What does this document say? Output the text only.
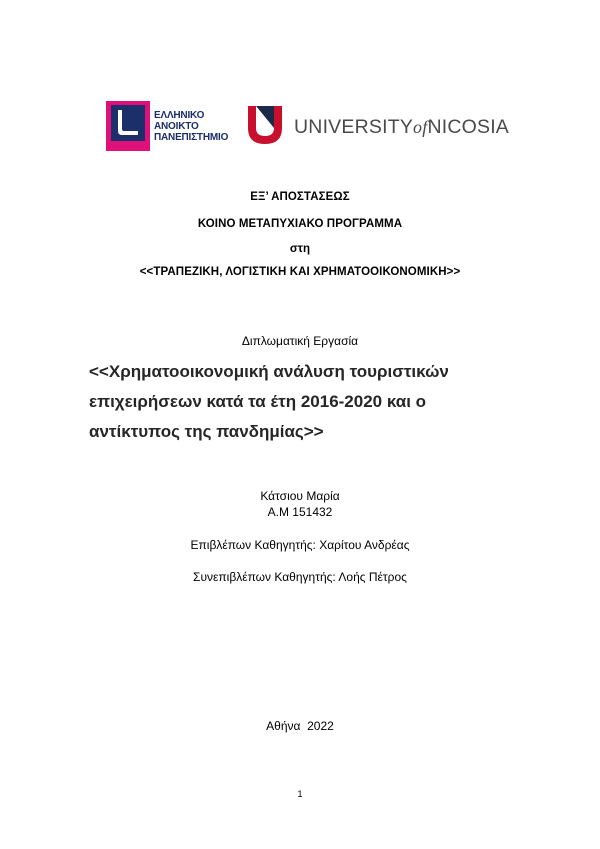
ΕΛΛΗΝΙΚΟ
ΑΝΟΙΚΤΟ
ΠΑΝΕΠΙΣΤΗΜΙΟ	UNIVERSITYofNICOSIA
ΕΞ’ ΑΠΟΣΤΑΣΕΩΣ
ΚΟΙΝΟ ΜΕΤΑΠΥΧΙΑΚΟ ΠΡΟΓΡΑΜΜΑ
στη
<<ΤΡΑΠΕΖΙΚΗ, ΛΟΓΙΣΤΙΚΗ ΚΑΙ ΧΡΗΜΑΤΟΟΙΚΟΝΟΜΙΚΗ>>
Διπλωματική Εργασία
<<Χρηματοοικονομική ανάλυση τουριστικών
επιχειρήσεων κατά τα έτη 2016-2020 και ο
αντίκτυπος της πανδημίας>>
Κάτσιου Μαρία
Α.Μ 151432
Επιβλέπων Καθηγητής: Χαρίτου Ανδρέας
Συνεπιβλέπων Καθηγητής: Λοής Πέτρος
Αθήνα  2022
1
